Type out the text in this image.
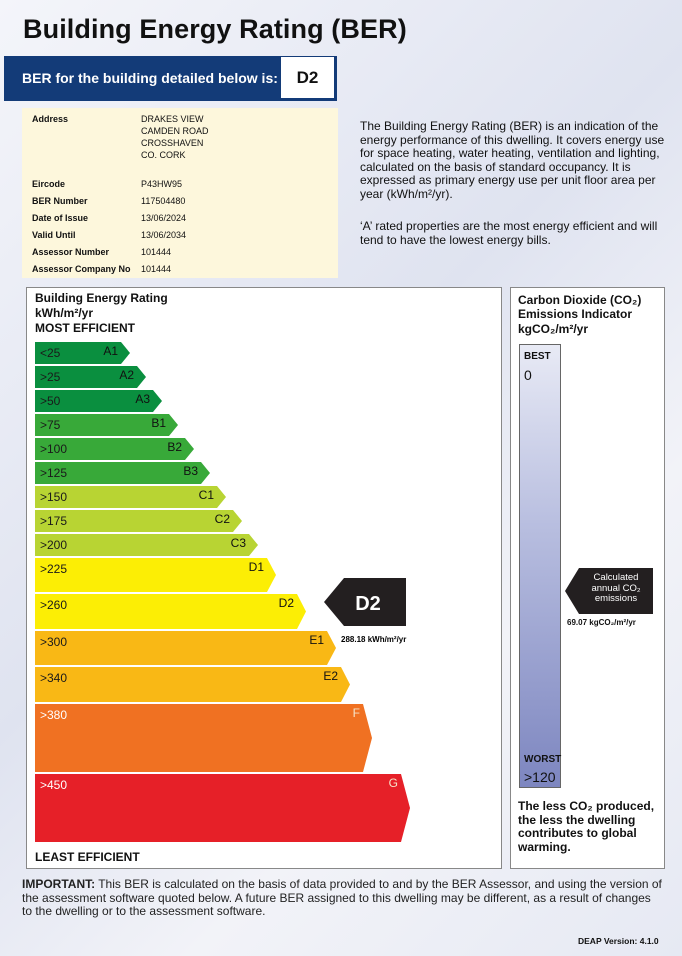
Building Energy Rating (BER)
BER for the building detailed below is:	D2
Address	DRAKES VIEW
CAMDEN ROAD
CROSSHAVEN
CO. CORK
Eircode	P43HW95
BER Number	117504480
Date of Issue	13/06/2024
Valid Until	13/06/2034
Assessor Number	101444
Assessor Company No 101444
The Building Energy Rating (BER) is an indication of the energy performance of this dwelling. It covers energy use for space heating, water heating, ventilation and lighting, calculated on the basis of standard occupancy. It is expressed as primary energy use per unit floor area per year (kWh/m²/yr).
‘A’ rated properties are the most energy efficient and will tend to have the lowest energy bills.
Building Energy Rating
kWh/m²/yr
MOST EFFICIENT
<25	A1
>25	A2
>50	A3
>75	B1
>100	B2
>125	B3
>150	C1
>175	C2
>200	C3
>225	D1
>260	D2
>300	E1
>340	E2
>380	F
>450	G
D2
288.18 kWh/m²/yr
LEAST EFFICIENT
Carbon Dioxide (CO₂) Emissions Indicator
kgCO₂/m²/yr
BEST
0
WORST
>120
Calculated annual CO₂ emissions
69.07 kgCO₂/m²/yr
The less CO₂ produced, the less the dwelling contributes to global warming.
IMPORTANT: This BER is calculated on the basis of data provided to and by the BER Assessor, and using the version of the assessment software quoted below. A future BER assigned to this dwelling may be different, as a result of changes to the dwelling or to the assessment software.
DEAP Version: 4.1.0
